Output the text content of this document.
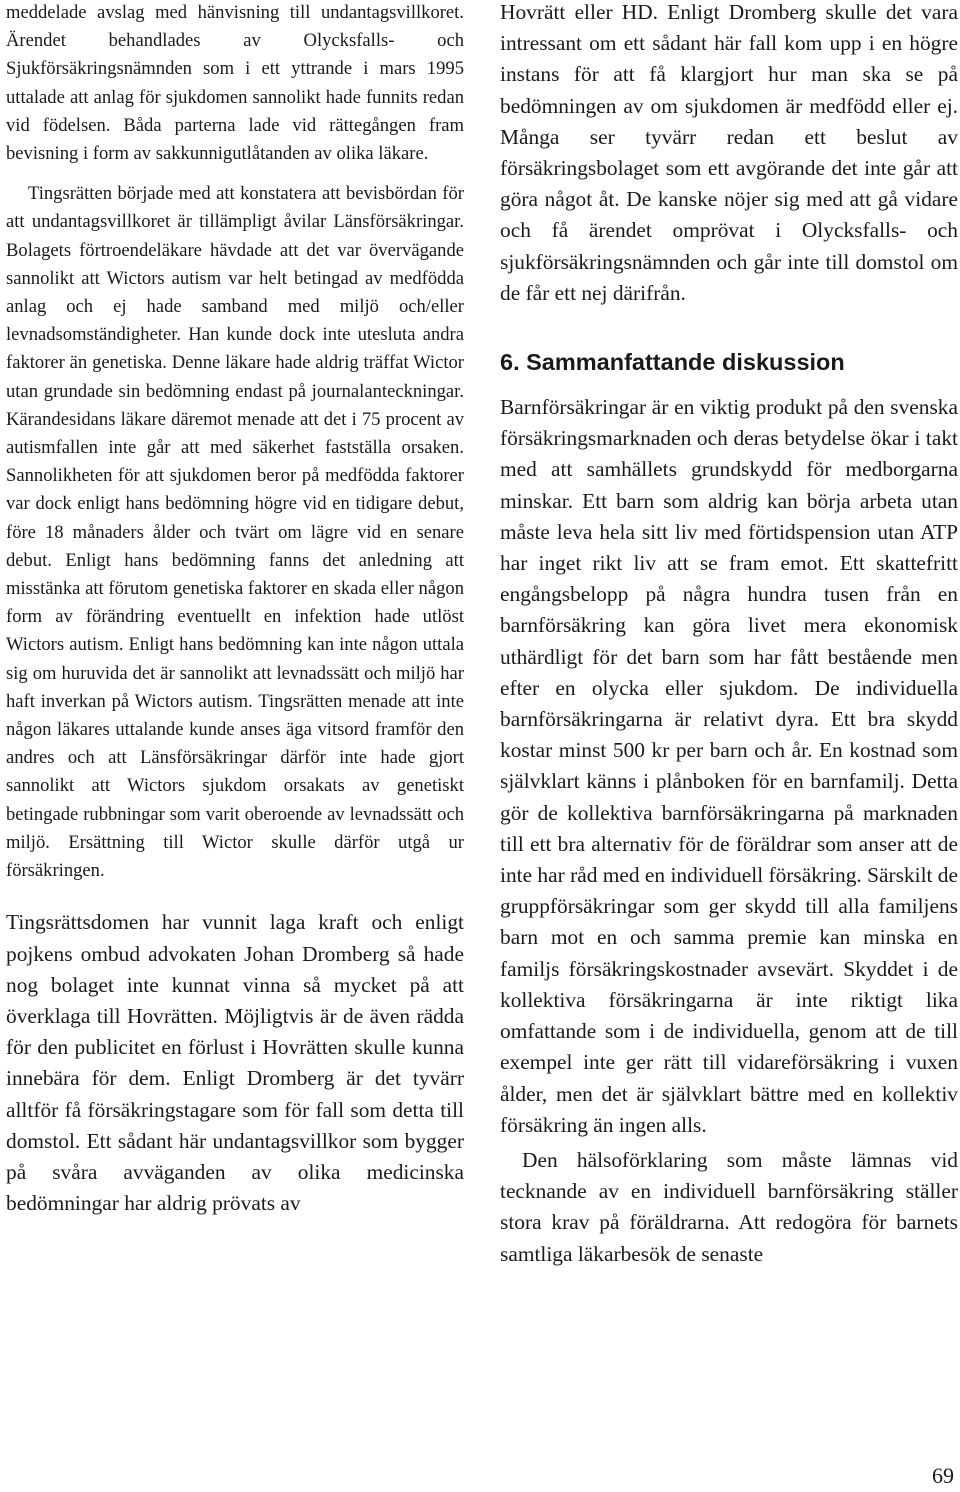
meddelade avslag med hänvisning till undantagsvillkoret. Ärendet behandlades av Olycksfalls- och Sjukförsäkringsnämnden som i ett yttrande i mars 1995 uttalade att anlag för sjukdomen sannolikt hade funnits redan vid födelsen. Båda parterna lade vid rättegången fram bevisning i form av sakkunnigutlåtanden av olika läkare.

Tingsrätten började med att konstatera att bevisbördan för att undantagsvillkoret är tillämpligt åvilar Länsförsäkringar. Bolagets förtroendeläkare hävdade att det var övervägande sannolikt att Wictors autism var helt betingad av medfödda anlag och ej hade samband med miljö och/eller levnadsomständigheter. Han kunde dock inte utesluta andra faktorer än genetiska. Denne läkare hade aldrig träffat Wictor utan grundade sin bedömning endast på journalanteckningar. Kärandesidans läkare däremot menade att det i 75 procent av autismfallen inte går att med säkerhet fastställa orsaken. Sannolikheten för att sjukdomen beror på medfödda faktorer var dock enligt hans bedömning högre vid en tidigare debut, före 18 månaders ålder och tvärt om lägre vid en senare debut. Enligt hans bedömning fanns det anledning att misstänka att förutom genetiska faktorer en skada eller någon form av förändring eventuellt en infektion hade utlöst Wictors autism. Enligt hans bedömning kan inte någon uttala sig om huruvida det är sannolikt att levnadssätt och miljö har haft inverkan på Wictors autism. Tingsrätten menade att inte någon läkares uttalande kunde anses äga vitsord framför den andres och att Länsförsäkringar därför inte hade gjort sannolikt att Wictors sjukdom orsakats av genetiskt betingade rubbningar som varit oberoende av levnadssätt och miljö. Ersättning till Wictor skulle därför utgå ur försäkringen.

Tingsrättsdomen har vunnit laga kraft och enligt pojkens ombud advokaten Johan Dromberg så hade nog bolaget inte kunnat vinna så mycket på att överklaga till Hovrätten. Möjligtvis är de även rädda för den publicitet en förlust i Hovrätten skulle kunna innebära för dem. Enligt Dromberg är det tyvärr alltför få försäkringstagare som för fall som detta till domstol. Ett sådant här undantagsvillkor som bygger på svåra avväganden av olika medicinska bedömningar har aldrig prövats av

Hovrätt eller HD. Enligt Dromberg skulle det vara intressant om ett sådant här fall kom upp i en högre instans för att få klargjort hur man ska se på bedömningen av om sjukdomen är medfödd eller ej. Många ser tyvärr redan ett beslut av försäkringsbolaget som ett avgörande det inte går att göra något åt. De kanske nöjer sig med att gå vidare och få ärendet omprövat i Olycksfalls- och sjukförsäkringsnämnden och går inte till domstol om de får ett nej därifrån.

6. Sammanfattande diskussion

Barnförsäkringar är en viktig produkt på den svenska försäkringsmarknaden och deras betydelse ökar i takt med att samhällets grundskydd för medborgarna minskar. Ett barn som aldrig kan börja arbeta utan måste leva hela sitt liv med förtidspension utan ATP har inget rikt liv att se fram emot. Ett skattefritt engångsbelopp på några hundra tusen från en barnförsäkring kan göra livet mera ekonomisk uthärdligt för det barn som har fått bestående men efter en olycka eller sjukdom. De individuella barnförsäkringarna är relativt dyra. Ett bra skydd kostar minst 500 kr per barn och år. En kostnad som självklart känns i plånboken för en barnfamilj. Detta gör de kollektiva barnförsäkringarna på marknaden till ett bra alternativ för de föräldrar som anser att de inte har råd med en individuell försäkring. Särskilt de gruppförsäkringar som ger skydd till alla familjens barn mot en och samma premie kan minska en familjs försäkringskostnader avsevärt. Skyddet i de kollektiva försäkringarna är inte riktigt lika omfattande som i de individuella, genom att de till exempel inte ger rätt till vidareförsäkring i vuxen ålder, men det är självklart bättre med en kollektiv försäkring än ingen alls.

Den hälsoförklaring som måste lämnas vid tecknande av en individuell barnförsäkring ställer stora krav på föräldrarna. Att redogöra för barnets samtliga läkarbesök de senaste

69
